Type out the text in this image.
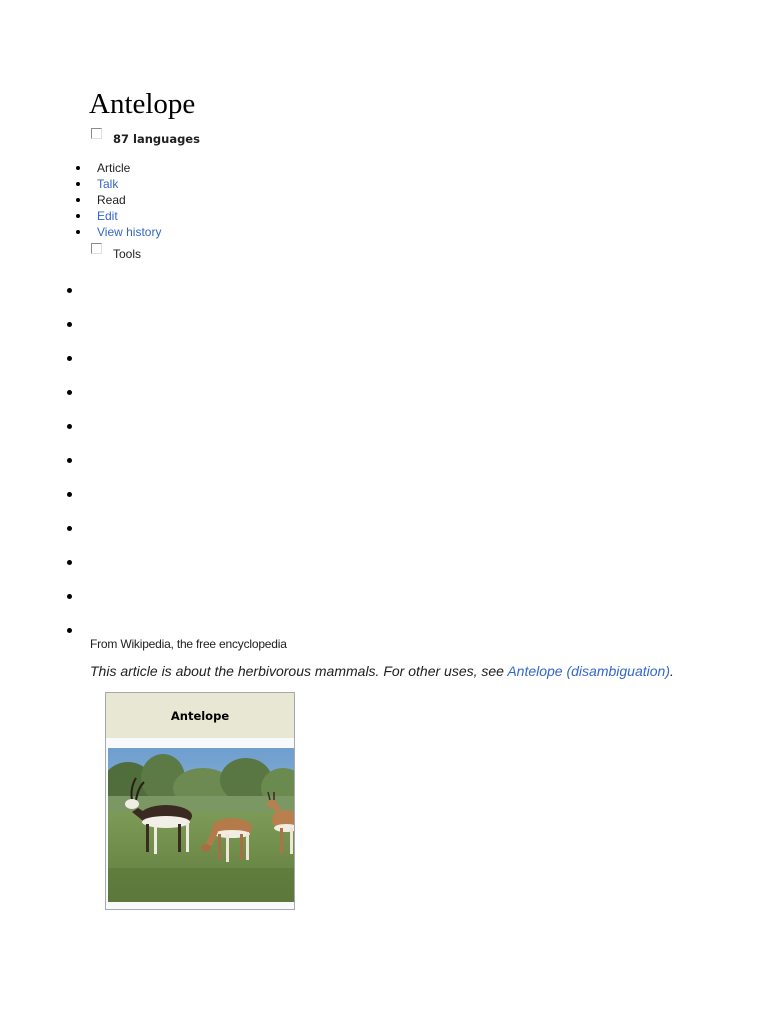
Antelope
87 languages
Article
Talk
Read
Edit
View history
Tools
From Wikipedia, the free encyclopedia
This article is about the herbivorous mammals. For other uses, see Antelope (disambiguation).
Antelope
